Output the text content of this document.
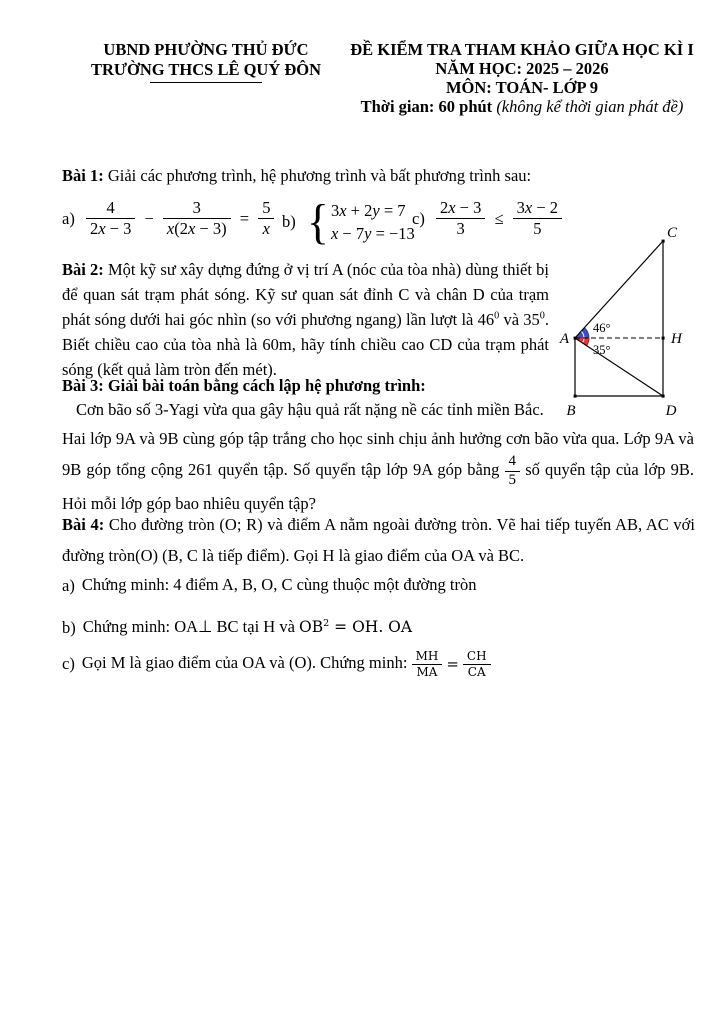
UBND PHƯỜNG THỦ ĐỨC
TRƯỜNG THCS LÊ QUÝ ĐÔN
ĐỀ KIỂM TRA THAM KHẢO GIỮA HỌC KÌ I
NĂM HỌC: 2025 – 2026
MÔN: TOÁN- LỚP 9
Thời gian: 60 phút (không kể thời gian phát đề)
Bài 1: Giải các phương trình, hệ phương trình và bất phương trình sau:
$a) \frac{4}{2x - 3} - \frac{3}{x(2x - 3)} = \frac{5}{x} b$) { 3x + 2y = 7
x − 7y = −13
$c) \frac{2x - 3}{3} \le \frac{3x - 2}{5}$
Bài 2: Một kỹ sư xây dựng đứng ở vị trí A (nóc của tòa nhà) dùng thiết bị để quan sát trạm phát sóng. Kỹ sư quan sát đỉnh C và chân D của trạm phát sóng dưới hai góc nhìn (so với phương ngang) lần lượt là $46^0$ và $35^0$. Biết chiều cao của tòa nhà là 60m, hãy tính chiều cao CD của trạm phát sóng (kết quả làm tròn đến mét).
C
A	H
B	D
46°
35°
Bài 3: Giải bài toán bằng cách lập hệ phương trình:
Cơn bão số 3-Yagi vừa qua gây hậu quả rất nặng nề các tỉnh miền Bắc.
Hai lớp 9A và 9B cùng góp tập trắng cho học sinh chịu ảnh hưởng cơn bão vừa qua. Lớp 9A và 9B góp tổng cộng 261 quyển tập. Số quyển tập lớp 9A góp bằng $\frac{4}{5}$ số quyển tập của lớp 9B. Hỏi mỗi lớp góp bao nhiêu quyển tập?
Bài 4: Cho đường tròn (O; R) và điểm A nằm ngoài đường tròn. Vẽ hai tiếp tuyến AB, AC với đường tròn(O) (B, C là tiếp điểm). Gọi H là giao điểm của OA và BC.
a) Chứng minh: 4 điểm A, B, O, C cùng thuộc một đường tròn
b) Chứng minh: OA⊥ BC tại H và $OB^2$ = OH. OA
c) Gọi M là giao điểm của OA và (O). Chứng minh: $\frac{MH}{MA} = \frac{CH}{CA}$
